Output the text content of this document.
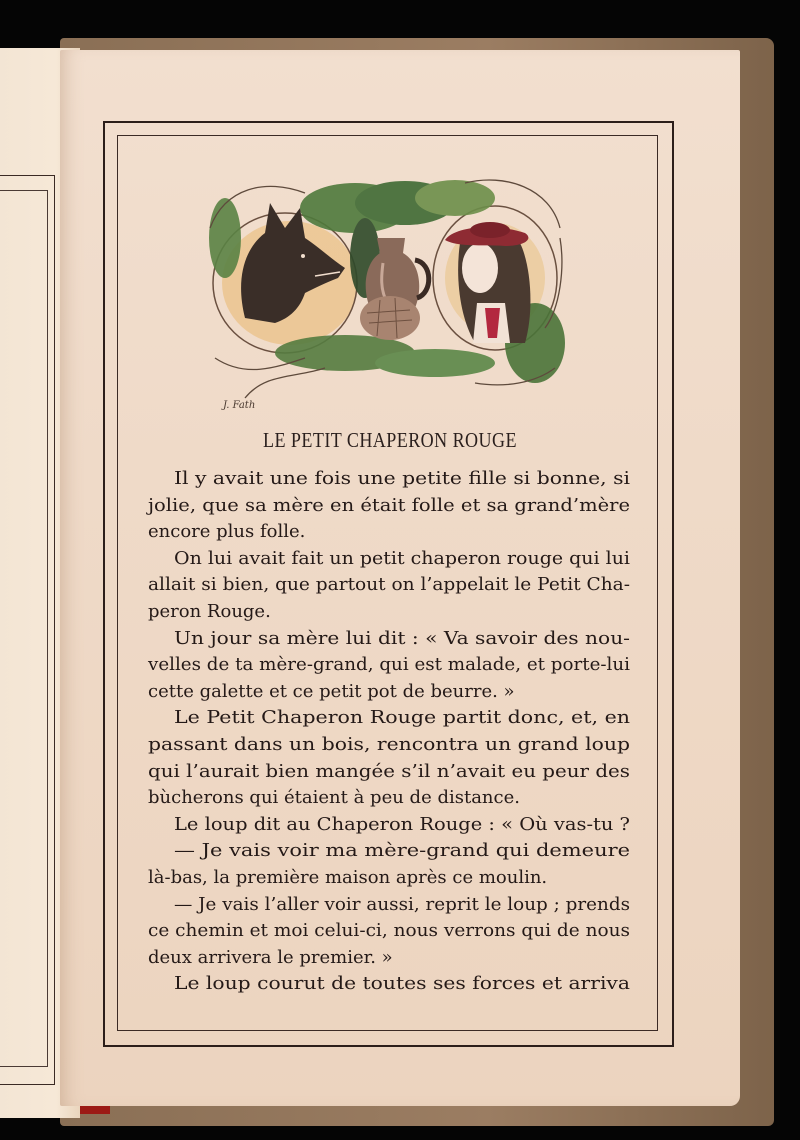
J. Fath
LE PETIT CHAPERON ROUGE
Il y avait une fois une petite fille si bonne, si
jolie, que sa mère en était folle et sa grand’mère
encore plus folle.
On lui avait fait un petit chaperon rouge qui lui
allait si bien, que partout on l’appelait le Petit Cha-
peron Rouge.
Un jour sa mère lui dit : « Va savoir des nou-
velles de ta mère-grand, qui est malade, et porte-lui
cette galette et ce petit pot de beurre. »
Le Petit Chaperon Rouge partit donc, et, en
passant dans un bois, rencontra un grand loup
qui l’aurait bien mangée s’il n’avait eu peur des
bùcherons qui étaient à peu de distance.
Le loup dit au Chaperon Rouge : « Où vas-tu ?
— Je vais voir ma mère-grand qui demeure
là-bas, la première maison après ce moulin.
— Je vais l’aller voir aussi, reprit le loup ; prends
ce chemin et moi celui-ci, nous verrons qui de nous
deux arrivera le premier. »
Le loup courut de toutes ses forces et arriva
